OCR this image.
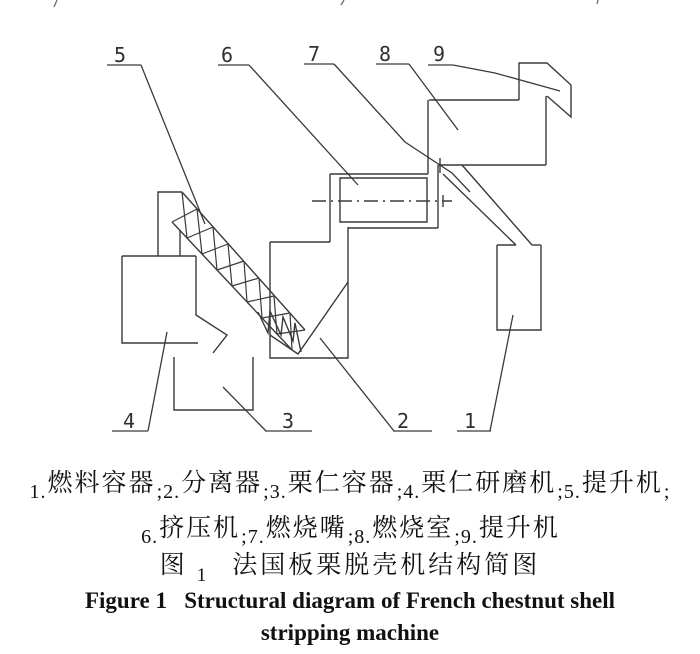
5	6	7	8 9
4	3	2	1
1.燃料容器;2.分离器;3.栗仁容器;4.栗仁研磨机;5.提升机;
6.挤压机;7.燃烧嘴;8.燃烧室;9.提升机
图 1 法国板栗脱壳机结构简图
Figure 1   Structural diagram of French chestnut shell
stripping machine
